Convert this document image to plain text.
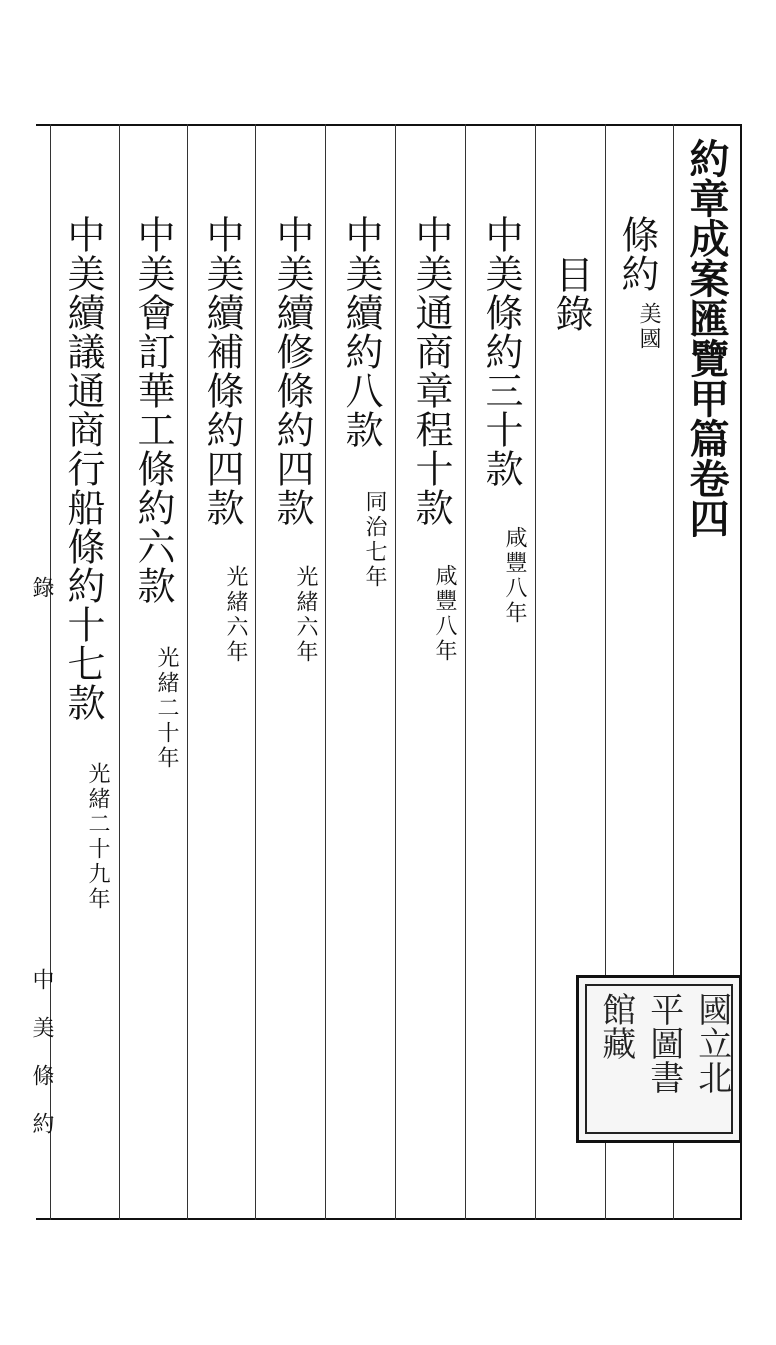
約章成案匯覽甲篇卷四
條約
美國
目錄
中美條約三十款
咸豐八年
中美通商章程十款
咸豐八年
中美續約八款
同治七年
中美續修條約四款
光緒六年
中美續補條約四款
光緒六年
中美會訂華工條約六款
光緒二十年
中美續議通商行船條約十七款
光緒二十九年
錄
中美條約	國立北
平圖書
館藏
